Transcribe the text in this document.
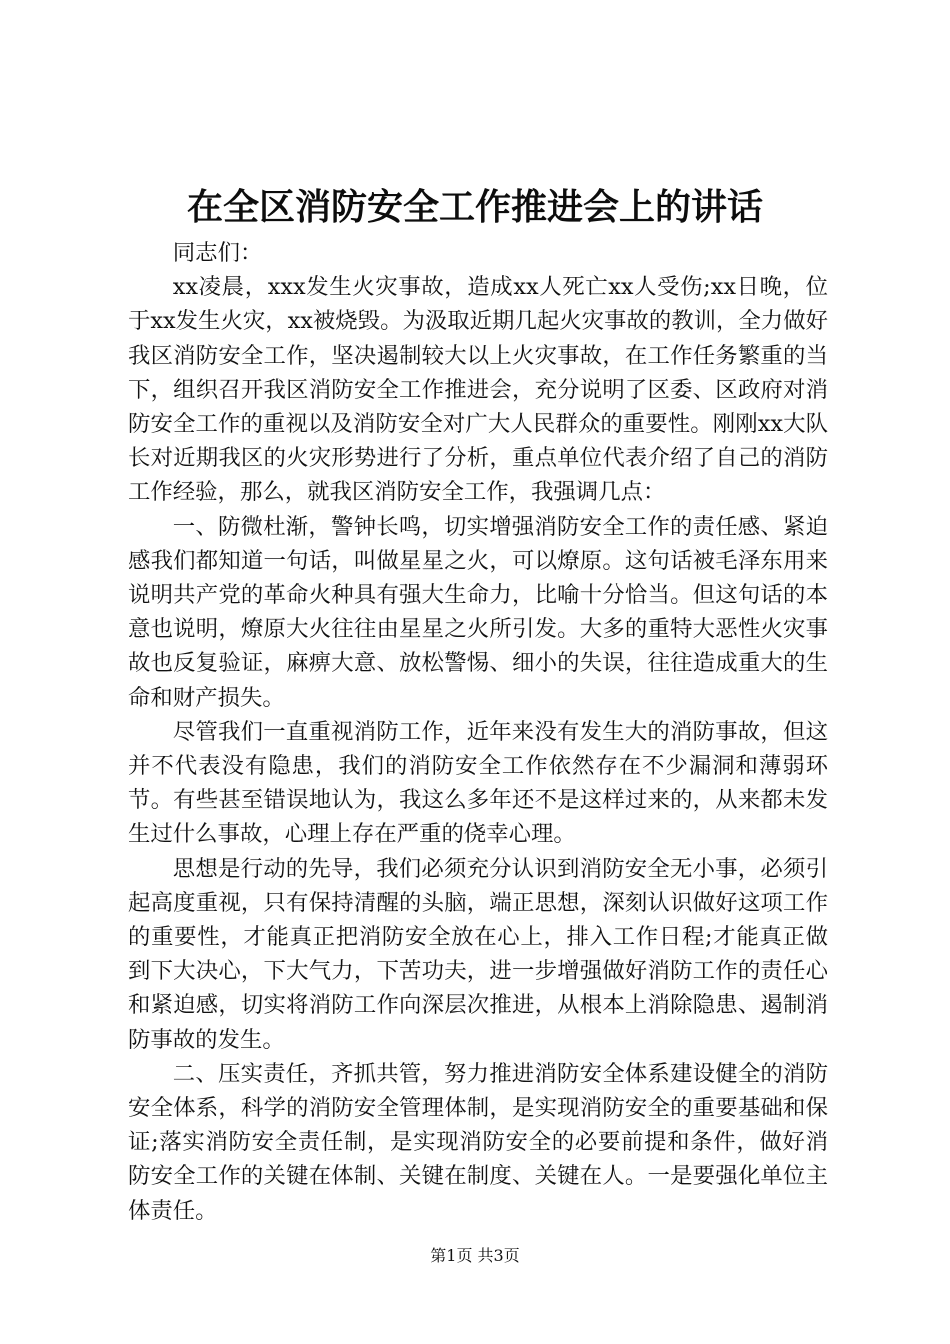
在全区消防安全工作推进会上的讲话

同志们：

xx凌晨，xxx发生火灾事故，造成xx人死亡xx人受伤;xx日晚，位于xx发生火灾，xx被烧毁。为汲取近期几起火灾事故的教训，全力做好我区消防安全工作，坚决遏制较大以上火灾事故，在工作任务繁重的当下，组织召开我区消防安全工作推进会，充分说明了区委、区政府对消防安全工作的重视以及消防安全对广大人民群众的重要性。刚刚xx大队长对近期我区的火灾形势进行了分析，重点单位代表介绍了自己的消防工作经验，那么，就我区消防安全工作，我强调几点：

一、防微杜渐，警钟长鸣，切实增强消防安全工作的责任感、紧迫感我们都知道一句话，叫做星星之火，可以燎原。这句话被毛泽东用来说明共产党的革命火种具有强大生命力，比喻十分恰当。但这句话的本意也说明，燎原大火往往由星星之火所引发。大多的重特大恶性火灾事故也反复验证，麻痹大意、放松警惕、细小的失误，往往造成重大的生命和财产损失。

尽管我们一直重视消防工作，近年来没有发生大的消防事故，但这并不代表没有隐患，我们的消防安全工作依然存在不少漏洞和薄弱环节。有些甚至错误地认为，我这么多年还不是这样过来的，从来都未发生过什么事故，心理上存在严重的侥幸心理。

思想是行动的先导，我们必须充分认识到消防安全无小事，必须引起高度重视，只有保持清醒的头脑，端正思想，深刻认识做好这项工作的重要性，才能真正把消防安全放在心上，排入工作日程;才能真正做到下大决心，下大气力，下苦功夫，进一步增强做好消防工作的责任心和紧迫感，切实将消防工作向深层次推进，从根本上消除隐患、遏制消防事故的发生。

二、压实责任，齐抓共管，努力推进消防安全体系建设健全的消防安全体系，科学的消防安全管理体制，是实现消防安全的重要基础和保证;落实消防安全责任制，是实现消防安全的必要前提和条件，做好消防安全工作的关键在体制、关键在制度、关键在人。一是要强化单位主体责任。

第1页 共3页
